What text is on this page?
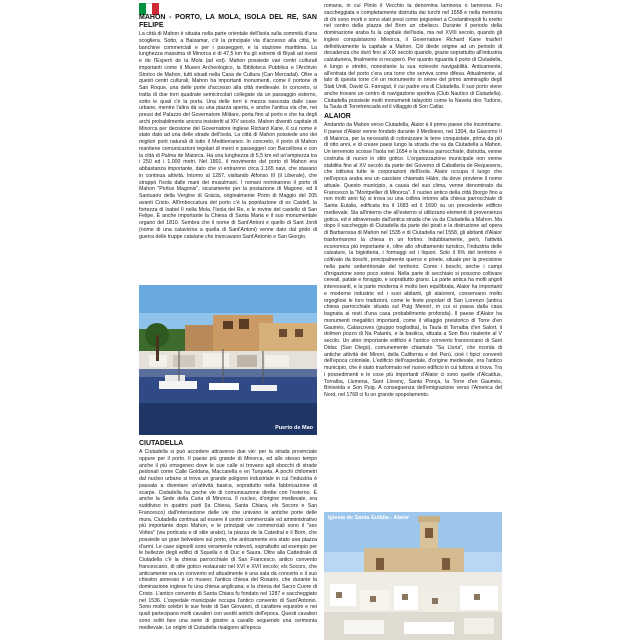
MAHON - PORTO, LA MOLA, ISOLA DEL RE, SAN FELIPE

La città di Mahon è situata nella parte orientale dell'isola sulla sommità d'una scogliera. Sotto, a Baixamar, c'è la principale via d'accesso alla città, le banchine commerciali e per i passeggeri, e la stazione marittima. La lunghezza massima di Minorca è di 47,5 km fra gli estremi di Biyali ad ovest e de l'Esperò de la Mola (ad est). Mahon possiede vari centri culturali importanti come il Museo Archeologico, la Biblioteca Pubblica e l'Archivio Storico de Mahon, tutti situati nella Casa de Cultura (Can Mercadal). Oltre a questi centri culturali, Mahon ha importanti monumenti, come il portone di San Roque, una delle porte d'accesso alla città medievale. In concreto, si tratta di due torri quadrate semicircolari collegate da un passaggio esterno, sotto le quali c'è la porta. Una delle torri è mezza nascosta dalle case urbane, mentre l'altra dà su una piazza aperta, e anche l'antica via che, nei pressi del Palazzo del Governatore Militare, porta fino al porto e che ha degli archi probabilmente ancora insisteriti al XIV secolo. Mahon diventò capitale di Minorca per decisione del Governatore inglese Richard Kane, il cui nome è stato dato ad una delle strade dell'isola. La città di Mahon possiede uno dei migliori porti naturali di tutto il Mediterraneo. In concreto, il porto di Mahon mantiene comunicazioni regolari di merci e passeggeri con Barcellona e con la città di Palma de Maiorca. Ha una lunghezza di 5,5 km ed un'ampiezza tra i 250 ed i 1.000 metri. Nel 1801, il movimento del porto di Mahon era abbastanza importante, dato che vi entrarono circa 1.165 navi, che stavano in continua attività. Intorno al 1287, visitando Alfonso III (il Liberale), che strappò l'isola dalle mani dei musulmani. I romani nominarono il porto di Mahon "Portus Magonis", sicuramente per la postazione di Magone, ed il Santuario della Vergine di Gràcia, originalmente Porto di Maggio del 205 avanti Cristo. All'imboccatura del porto c'è la popolazione di es Castell, la fortezza di Isabel II nella Mola, l'Isola del Re, e le rovine del castello di San Felipe. È anche importante la Chiesa di Santa Maria e il suo monumentale organo del 1810. Sembra che il nome di Sant'Antoni e quello di Sant Jordi (nome di una calavicina a quella di Sant'Antoni) venne dato dal grido di guerra delle truppe catalane che invocavano Sant'Antonio e San Giorgio.

Puerto de Mao
CIUTADELLA

A Ciutadella si può accedere attraverso due vie: per la strada provinciale oppure per il porto. Il paese più grande di Minorca, ed allo stesso tempo anche il più omogeneo dove le sue calle si trovano agli sbocchi di strade pedonali come Calle Goldana, Maccarella e en Turqueta. A pochi chilometri dal nucleo urbano si trova un grande poligono industriale in cui l'industria è passata a diventare un'attività basica, soprattutto nella fabbricazione di scarpe. Ciutadella ha poche vie di comunicazione dirette con l'esterno. È anche la Sede della Curia di Minorca. Il nucleo, d'origine medievale, era suddiviso in quattro parti (la Chiesa, Santa Chiara, els Socors e San Francesco) dall'intersezione delle vie che univano le antiche porte delle mura. Ciutadella continua ad essere il centro commerciale ed amministrativo più importante dopo Mahon, e le principali vie commerciali sono il "ses Voltes" (via porticata e di stile arabo), la piazza de la Catedral e il Born, che possiede un gran belvedere sul porto, che anticamente era stato una piazza d'armi. Le case signorili sono veramente notevoli, soprattutto ad esempio per le bellezze degli edifici di Squella o di Duc e Saura. Oltre alla Cattedrale di Ciutadella c'è la chiesa parrocchiale di San Francesco, antico convento francescano, di stile gotico restaurato nel XVI e XVII secolo; els Socors, che anticamente era un convento ed attualmente è una sala da concerto e il suo chiostro annesso è un museo; l'antica chiesa del Rosario, che durante la dominazione inglese fu una chiesa anglicana; e la chiesa del Sacro Cuore di Cristo. L'antico convento di Santa Chiara fu fondato nel 1287 e saccheggiato nel 1536. L'ospedale municipale occupa l'antico convento di Sant'Antonio. Sono molto celebri le sue feste di San Giovanni, di carattere equestre e nei quali partecipano molti cavalieri con vestiti antichi dell'epoca. Questi cavalieri sono soliti fare una serie di giostre a cavallo seguendo una cerimonia medievale. Le origini di Ciutadella risalgono all'epoca

romana, in cui Plinio il Vecchio la denomina Iamnona o Iamnona. Fu saccheggiata e completamente distrutta dai turchi nel 1558 e nella memoria di chi sono morti e sono stati presi come prigionieri a Costantinopoli fu eretto nel centro della piazza del Born un obelisco. Durante il periodo della dominazione araba fu la capitale dell'isola, ma nel XVIII secolo, quando gli inglesi conquistarono Minorca, il Governatore Richard Kane trasferì definitivamente la capitale a Mahon. Ciò diede origine ad un periodo di decadenza che durò fino al XIX secolo quando, grazie soprattutto all'industria calzaturiera, finalmente si recuperò. Per quanto riguarda il porto di Ciutadella, è lungo e stretto, nonostante la sua notevole navigabilità. Anticamente, all'entrata del porto c'era una torre che serviva come difesa. Attualmente, al lato di questa torre c'è un monumento in onore del primo ammiraglio degli Stati Uniti, David G. Farragut, il cui padre era di Ciutadella. Il suo porto viene anche trovare un centro di navigazione sportiva (Club Nautico di Ciutadella). Ciutadella possiede molti monumenti talayotici come la Naveta des Tudons, la Taula di Torretrencada ed il villaggio di Son Catlar.

ALAIOR

Andando da Mahon verso Ciutadella, Alaior è il primo paese che incontriamo. Il paese d'Alaior venne fondato durante il Medioevo, nel 1304, da Giacomo II di Maiorca, per la necessità di colonizzare le terre conquistate, prima da più di otto anni, e di creare paesi lungo la strada che va da Ciutadella a Mahon. Un terremoto scosse l'isola nel 1654 e la chiesa parrocchiale, distrutta, venne costruita di nuovo in stile gotico. L'organizzazione municipale non venne stabilita fino al XV secolo da parte del Governo di Caballeria de Requesens, che istituiva tutte le corporazioni dell'isola. Alaior occupa il luogo che nell'epoca araba era un casolare chiamato Hàlor, da dove proviene il nome attuale. Questo municipio, a causa del suo clima, venne denominato da Francesco la "Montpellier di Minorca". Il nucleo antico della città (borgo fino a non molti anni fa) si trova su una collina intorno alla chiesa parrocchiale di Santa Eulalia, edificata tra il 1683 ed il 1690 su un precedente edificio medievale. Sia all'interno che all'esterno si utilizzano elementi di provenienza gotica, ed è attraversato dall'antica strada che va da Ciutadella a Mahon. Ma dopo il saccheggio di Ciutadella da parte dei pirati e la distruzione ad opera di Barbarossa di Mahon nel 1535 e di Ciutadella nel 1558, gli abitanti d'Alaior trasformarono la chiesa in un fortino. Indubbiamente, però, l'attività economica più importante è, oltre allo sfruttamento turistico, l'industria delle calzature, la bigiotteria, i formaggi ed i liquori. Solo il 6% del territorio è coltivato da boschi, principalmente querce e pinete, situate per la precisione nella parte settentrionale del territorio. Come i boschi, anche i campi d'irrigazione sono poco estesi. Nella parte di secchiaio si possono coltivare cereali, patate e foraggio, e soprattutto grano. La parte antica ha molti angoli interessanti, e la parte moderna è molto ben equilibrata. Alaior ha importanti e moderne industrie ed i suoi abitanti, gli alaioreni, conservano molto orgogliosi le loro tradizioni, come le feste popolari di San Lorenzo (antica chiesa parrocchiale situata sul Puig Menorì, in cui si passa dalla casa bagnata ai resti d'una casa probabilmente profonda). Il paese d'Alaior ha monumenti megalitici importanti, come il villaggio preistorico di Torre d'en Gaumés, Calascoves (gruppo troglodita), la Taula di Torralba d'en Salort, il dolmen pozzo di Na Palarés, e la basilica, situata a Son Bou risalente al V secolo. Un altro importante edificio è l'antico convento francescano di Sant Didac (San Diego), comunemente chiamato "Sa Lluna", che ricorda di antiche attività dei Minori, della California e del Perù. cioè i tipici conventi dell'epoca coloniale. L'edificio dell'ospedale, d'origine medievale, era l'antico municipio, che è stato trasformato nel nuovo edificio in cui tuttora si trova. Tra i possedimenti e le cose più importanti d'Alaior ci sono quelle d'Alcaidus, Torralba, Llumena, Sant Llorenç, Santa Ponça, la Torre d'en Gaumés, Binixeida e Son Puig. A conseguenza dell'emigrazione verso l'America del Nord, nel 1768 ci fu un grande spopolamento.

Iglesia de Santa Eulàlia - Alaior
